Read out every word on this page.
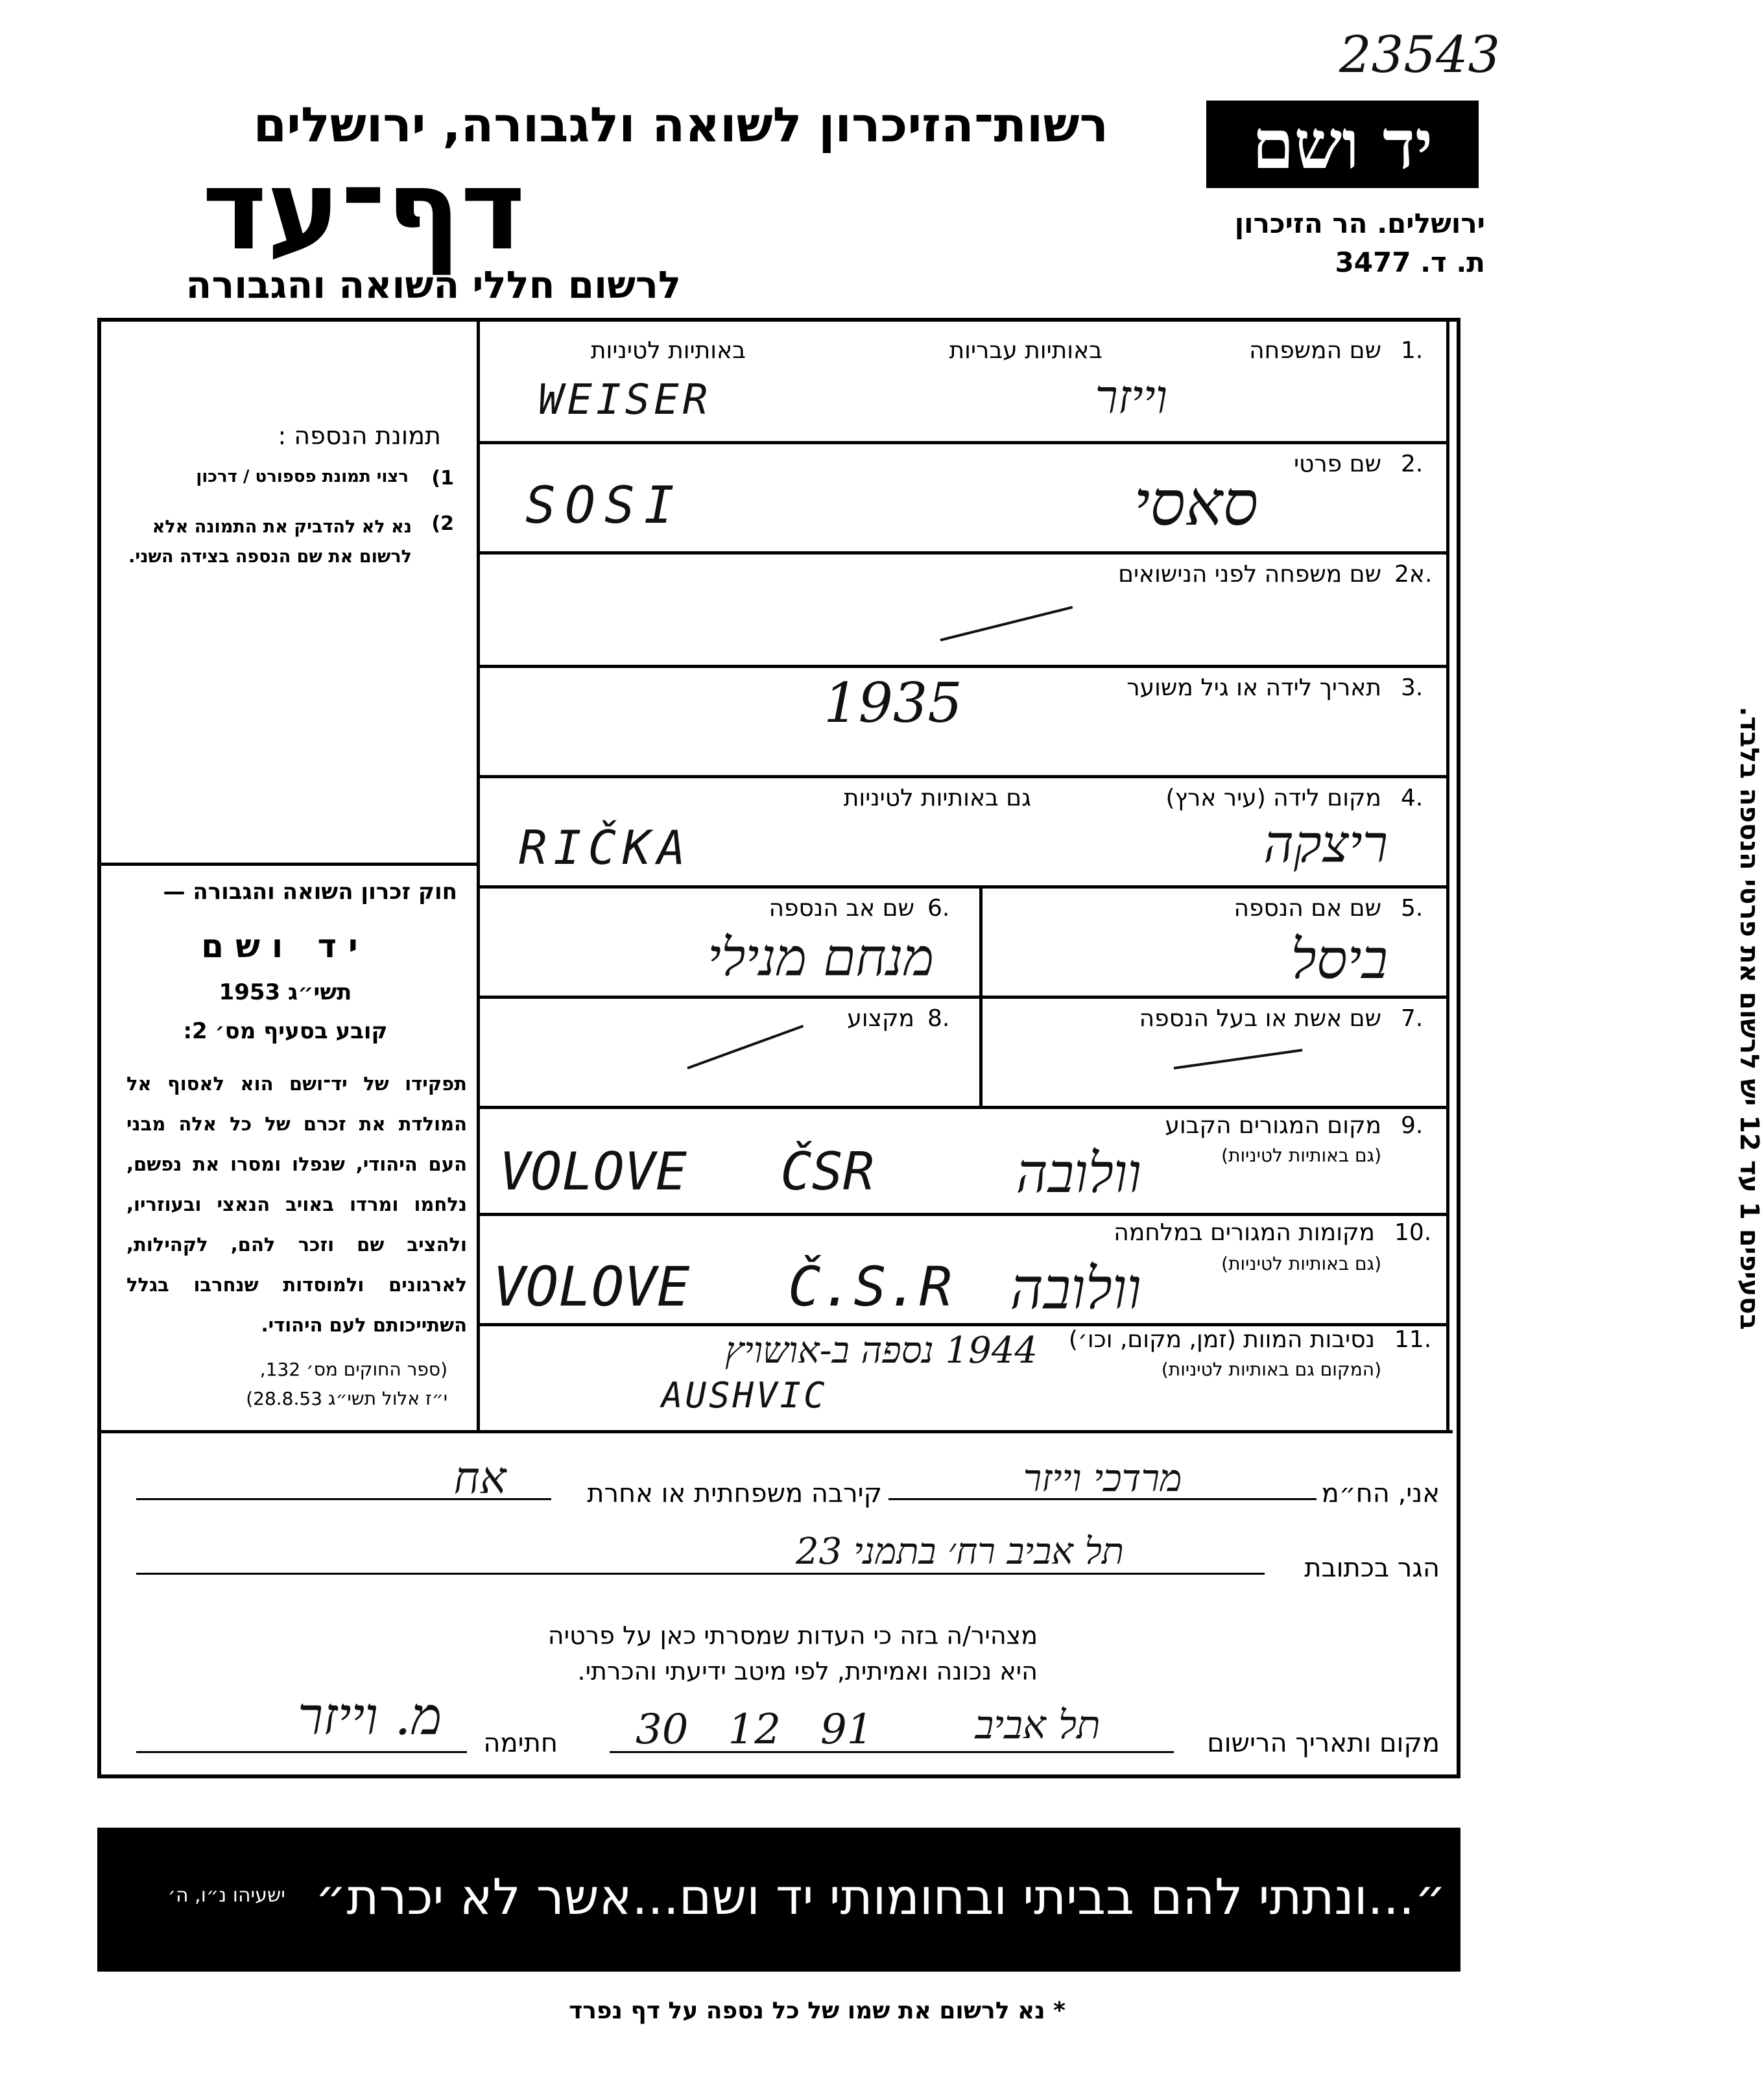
23543
רשות־הזיכרון לשואה ולגבורה, ירושלים
דף־עד
לרשום חללי השואה והגבורה
יד ושם
ירושלים. הר הזיכרון
ת. ד. 3477
תמונת הנספה :
1)
רצוי תמונת פספורט / דרכון
2)
נא לא להדביק את התמונה אלא לרשום את שם הנספה בצידה השני.
חוק זכרון השואה והגבורה —
יד ושם
תשי״ג 1953
קובע בסעיף מס׳ 2:
תפקידו של יד־ושם הוא לאסוף אל המולדת את זכרם של כל אלה מבני העם היהודי, שנפלו ומסרו את נפשם, נלחמו ומרדו באויב הנאצי ובעוזריו, ולהציב שם וזכר להם, לקהילות, לארגונים ולמוסדות שנחרבו בגלל השתייכותם לעם היהודי.
(ספר החוקים מס׳ 132,
י״ז אלול תשי״ג 28.8.53)
1.
שם המשפחה
באותיות עבריות
באותיות לטיניות
וייזר
WEISER
2.
שם פרטי
סאסי
SOSI
2א.
שם משפחה לפני הנישואים
3.
תאריך לידה או גיל משוער
1935
4.
מקום לידה (עיר ארץ)
גם באותיות לטיניות
ריצקה
RIČKA
5.
שם אם הנספה
ביסל
6.
שם אב הנספה
מנחם מנילי
7.
שם אשת או בעל הנספה
8.
מקצוע
9.
מקום המגורים הקבוע
(גם באותיות לטיניות)
VOLOVE   ČSR	וולובה
10.
מקומות המגורים במלחמה
(גם באותיות לטיניות)
VOLOVE   Č.S.R	וולובה
11.
נסיבות המוות (זמן, מקום, וכו׳)
(המקום גם באותיות לטיניות)
1944 נספה ב-אושויץ
AUSHVIC
אני, הח״מ
מרדכי וייזר
קירבה משפחתית או אחרת
אח
הגר בכתובת
תל אביב רח׳ בתמני 23
מצהיר/ה בזה כי העדות שמסרתי כאן על פרטיה
היא נכונה ואמיתית, לפי מיטב ידיעתי והכרתי.
מקום ותאריך הרישום
תל אביב
30   12   91
חתימה
מ. וייזר
בסעיפים 1 עד 12 יש לרשום את פרטי הנספה בלבד.
״...ונתתי להם בביתי ובחומותי יד ושם...אשר לא יכרת״
ישעיהו נ״ו, ה׳
* נא לרשום את שמו של כל נספה על דף נפרד
